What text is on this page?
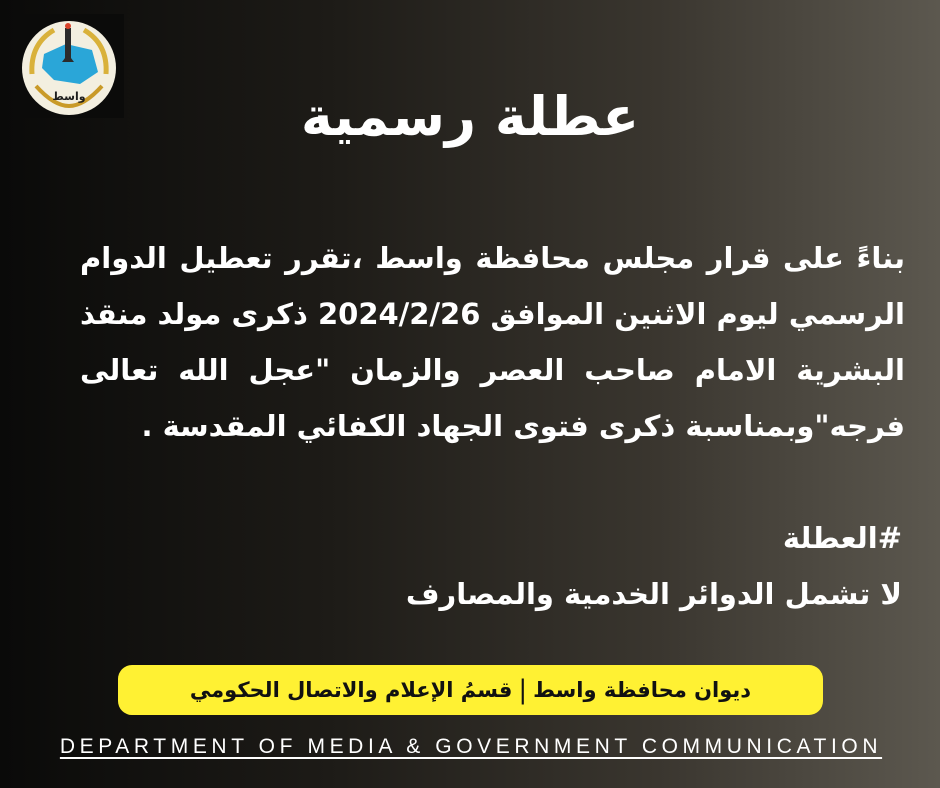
واسط	عطلة رسمية
بناءً على قرار مجلس محافظة واسط ،تقرر تعطيل الدوام الرسمي ليوم الاثنين الموافق 2024/2/26 ذكرى مولد منقذ البشرية الامام صاحب العصر والزمان "عجل الله تعالى فرجه"وبمناسبة ذكرى فتوى الجهاد الكفائي المقدسة .
#العطلة
لا تشمل الدوائر الخدمية والمصارف
ديوان محافظة واسط
|
قسمُ الإعلام والاتصال الحكومي
DEPARTMENT OF MEDIA & GOVERNMENT COMMUNICATION
